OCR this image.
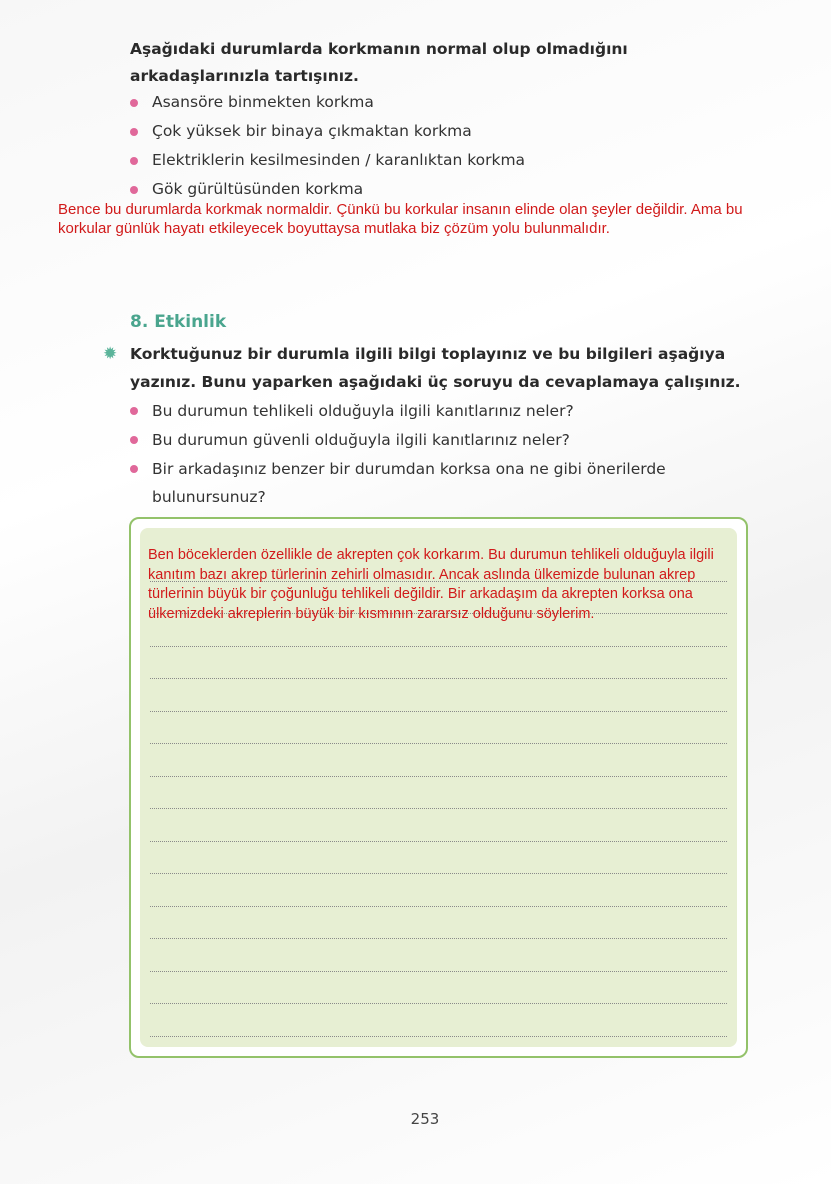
Aşağıdaki durumlarda korkmanın normal olup olmadığını arkadaşlarınızla tartışınız.
Asansöre binmekten korkma
Çok yüksek bir binaya çıkmaktan korkma
Elektriklerin kesilmesinden / karanlıktan korkma
Gök gürültüsünden korkma
Bence bu durumlarda korkmak normaldir. Çünkü bu korkular insanın elinde olan şeyler değildir. Ama bu korkular günlük hayatı etkileyecek boyuttaysa mutlaka biz çözüm yolu bulunmalıdır.
8. Etkinlik
✹ Korktuğunuz bir durumla ilgili bilgi toplayınız ve bu bilgileri aşağıya yazınız. Bunu yaparken aşağıdaki üç soruyu da cevaplamaya çalışınız.
Bu durumun tehlikeli olduğuyla ilgili kanıtlarınız neler?
Bu durumun güvenli olduğuyla ilgili kanıtlarınız neler?
Bir arkadaşınız benzer bir durumdan korksa ona ne gibi önerilerde bulunursunuz?
Ben böceklerden özellikle de akrepten çok korkarım. Bu durumun tehlikeli olduğuyla ilgili kanıtım bazı akrep türlerinin zehirli olmasıdır. Ancak aslında ülkemizde bulunan akrep türlerinin büyük bir çoğunluğu tehlikeli değildir. Bir arkadaşım da akrepten korksa ona ülkemizdeki akreplerin büyük bir kısmının zararsız olduğunu söylerim.
253
